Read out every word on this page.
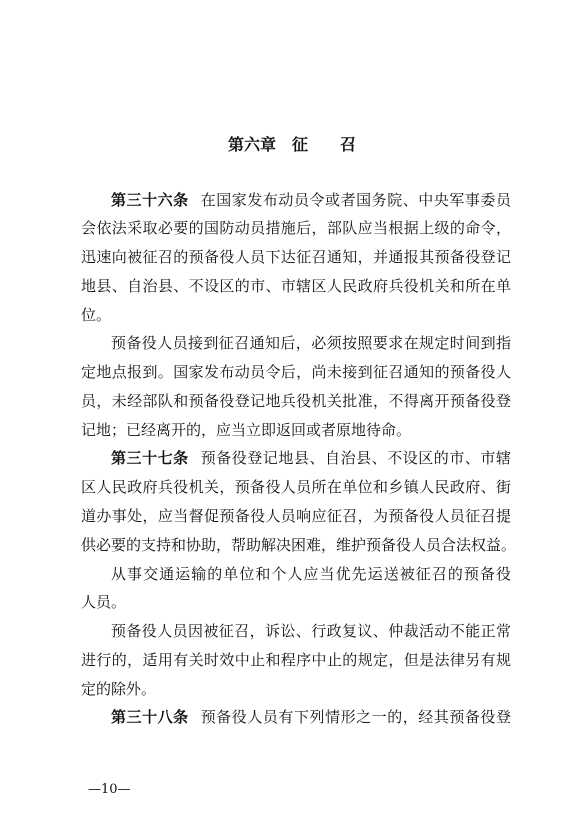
第六章　征　　召
第三十六条 在国家发布动员令或者国务院、中央军事委员
会依法采取必要的国防动员措施后，部队应当根据上级的命令，
迅速向被征召的预备役人员下达征召通知，并通报其预备役登记
地县、自治县、不设区的市、市辖区人民政府兵役机关和所在单
位。
预备役人员接到征召通知后，必须按照要求在规定时间到指
定地点报到。国家发布动员令后，尚未接到征召通知的预备役人
员，未经部队和预备役登记地兵役机关批准，不得离开预备役登
记地；已经离开的，应当立即返回或者原地待命。
第三十七条 预备役登记地县、自治县、不设区的市、市辖
区人民政府兵役机关，预备役人员所在单位和乡镇人民政府、街
道办事处，应当督促预备役人员响应征召，为预备役人员征召提
供必要的支持和协助，帮助解决困难，维护预备役人员合法权益。
从事交通运输的单位和个人应当优先运送被征召的预备役
人员。
预备役人员因被征召，诉讼、行政复议、仲裁活动不能正常
进行的，适用有关时效中止和程序中止的规定，但是法律另有规
定的除外。
第三十八条 预备役人员有下列情形之一的，经其预备役登
—10—
